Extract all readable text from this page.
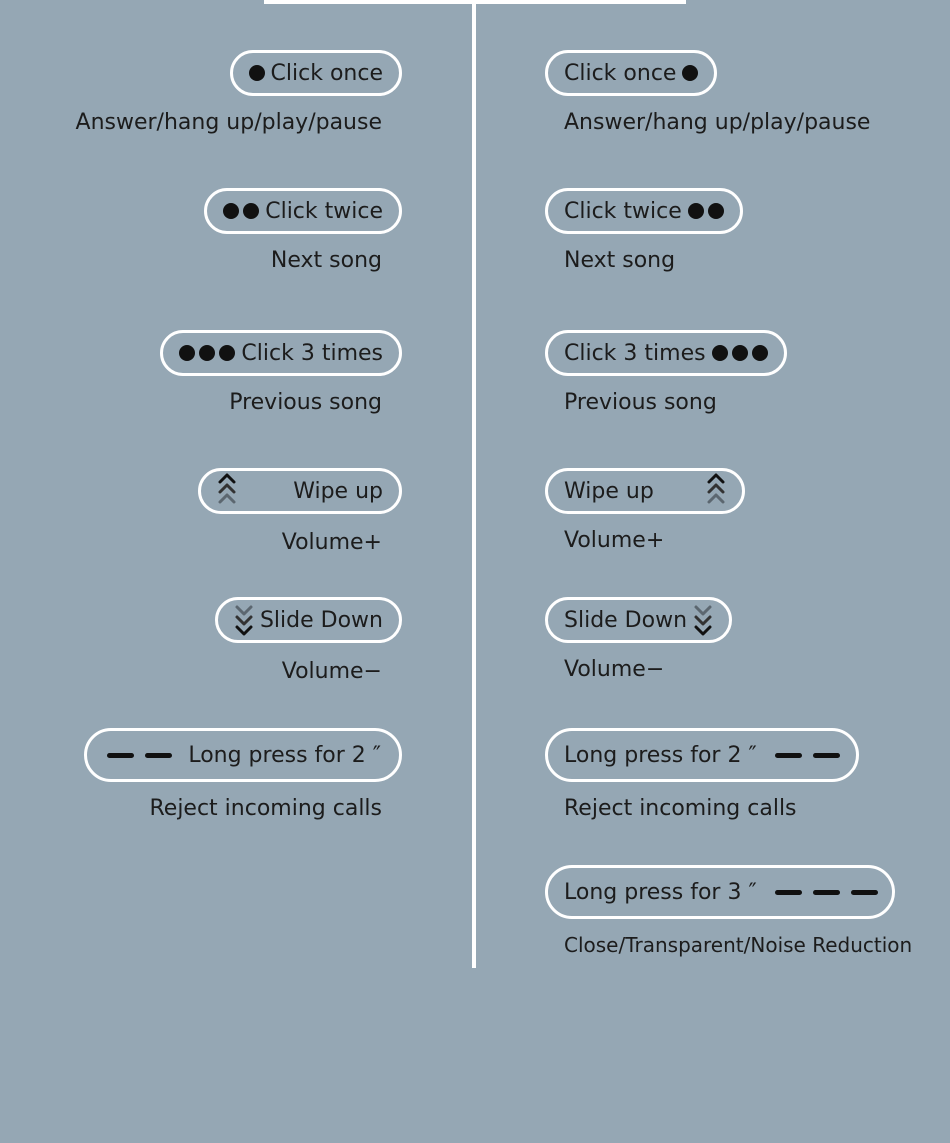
Click once
Answer/hang up/play/pause
Click twice
Next song
Click 3 times
Previous song
Wipe up
Volume+
Slide Down
Volume−
Long press for 2 ″
Reject incoming calls
Click once
Answer/hang up/play/pause
Click twice
Next song
Click 3 times
Previous song
Wipe up
Volume+
Slide Down
Volume−
Long press for 2 ″
Reject incoming calls
Long press for 3 ″
Close/Transparent/Noise Reduction
